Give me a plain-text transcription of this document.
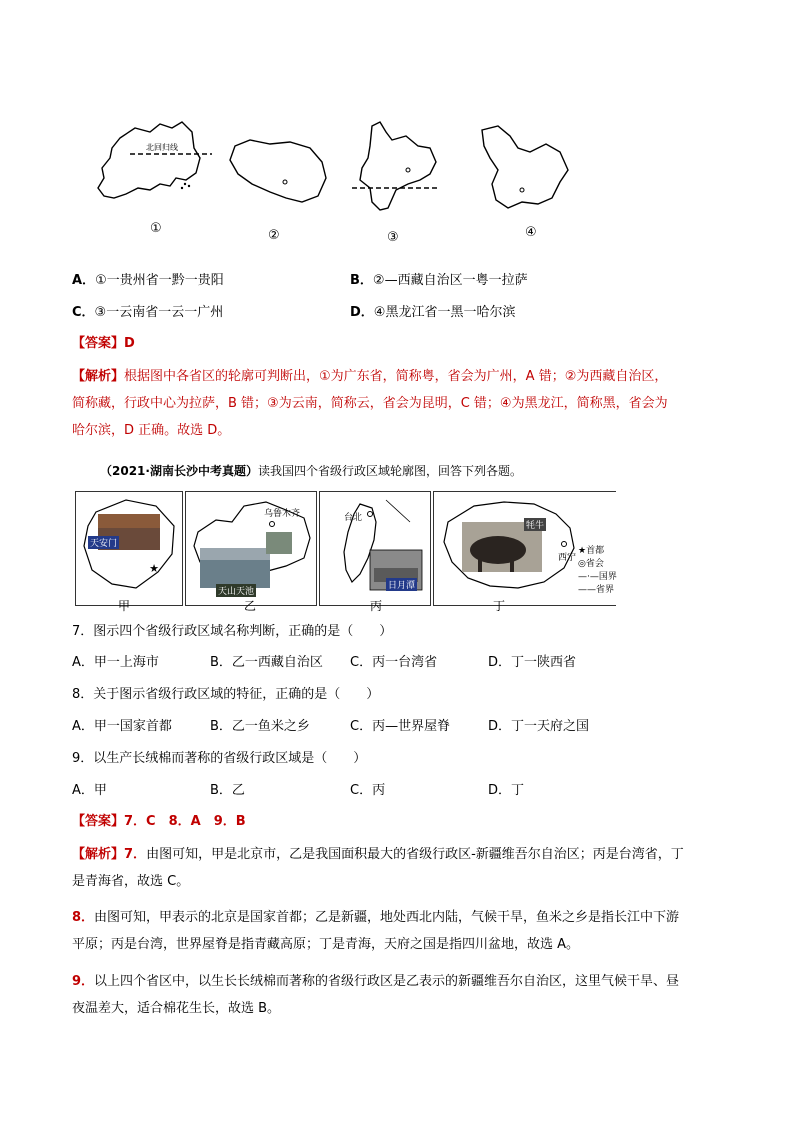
北回归线
①	②	③	④
A．①一贵州省一黔一贵阳	B．②—西藏自治区一粤一拉萨
C．③一云南省一云一广州	D．④黑龙江省一黑一哈尔滨
【答案】D
【解析】根据图中各省区的轮廓可判断出，①为广东省，简称粤，省会为广州，A 错；②为西藏自治区，
简称藏，行政中心为拉萨，B 错；③为云南，简称云，省会为昆明，C 错；④为黑龙江，简称黑，省会为
哈尔滨，D 正确。故选 D。
（2021·湖南长沙中考真题）读我国四个省级行政区域轮廓图，回答下列各题。
★
天安门
乌鲁木齐
天山天池
台北
日月潭
牦牛
西宁
★首都
◎省会
—·—国界
——省界
甲	乙	丙	丁
7．图示四个省级行政区域名称判断，正确的是（　　）
A．甲一上海市	B．乙一西藏自治区 C．丙一台湾省	D．丁一陕西省
8．关于图示省级行政区域的特征，正确的是（　　）
A．甲一国家首都	B．乙一鱼米之乡	C．丙—世界屋脊	D．丁一天府之国
9．以生产长绒棉而著称的省级行政区域是（　　）
A．甲	B．乙	C．丙	D．丁
【答案】7．C　8．A　9．B
【解析】7．由图可知，甲是北京市，乙是我国面积最大的省级行政区-新疆维吾尔自治区；丙是台湾省，丁
是青海省，故选 C。
8．由图可知，甲表示的北京是国家首都；乙是新疆，地处西北内陆，气候干旱，鱼米之乡是指长江中下游
平原；丙是台湾，世界屋脊是指青藏高原；丁是青海，天府之国是指四川盆地，故选 A。
9．以上四个省区中，以生长长绒棉而著称的省级行政区是乙表示的新疆维吾尔自治区，这里气候干旱、昼
夜温差大，适合棉花生长，故选 B。
